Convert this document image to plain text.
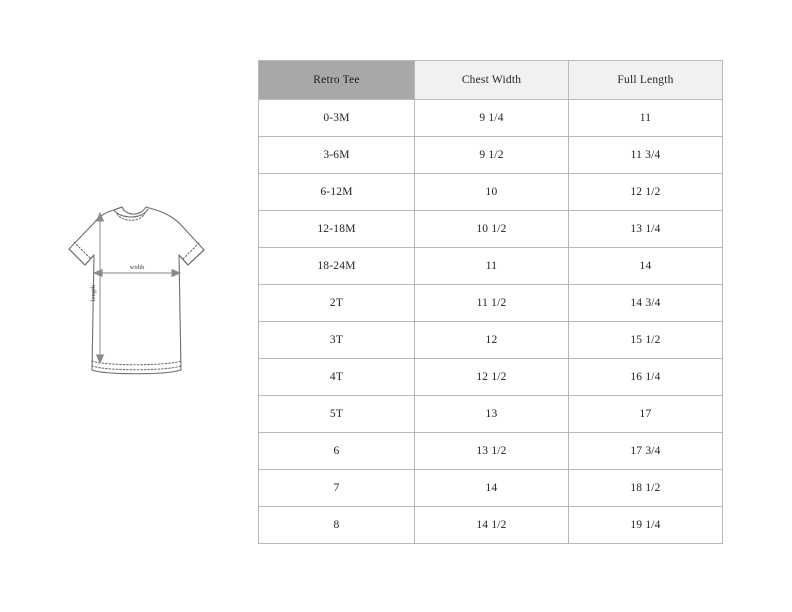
width
length
Retro Tee	Chest Width	Full Length
0-3M	9 1/4	11
3-6M	9 1/2	11 3/4
6-12M	10	12 1/2
12-18M	10 1/2	13 1/4
18-24M	11	14
2T	11 1/2	14 3/4
3T	12	15 1/2
4T	12 1/2	16 1/4
5T	13	17
6	13 1/2	17 3/4
7	14	18 1/2
8	14 1/2	19 1/4
